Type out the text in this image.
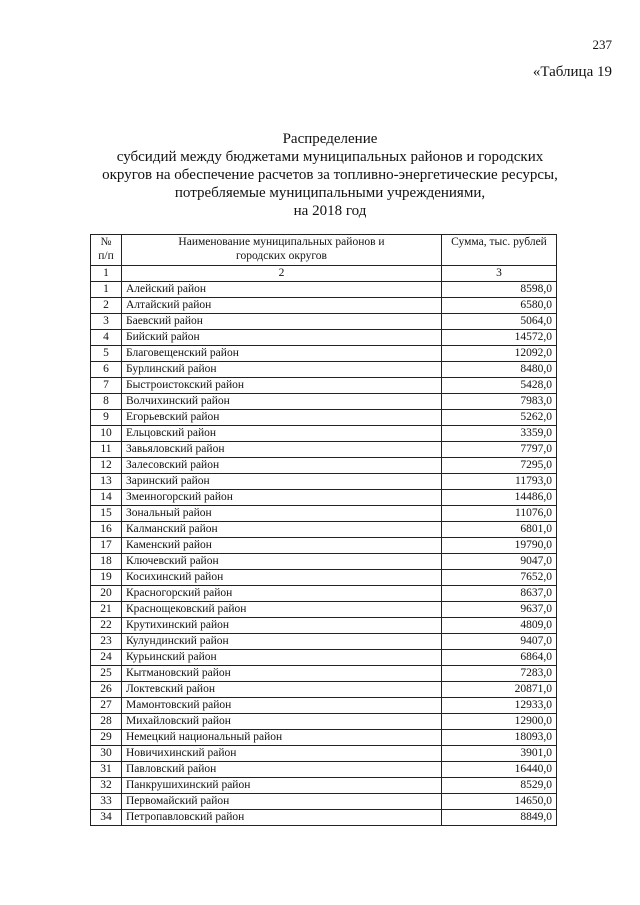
237
«Таблица 19
Распределение
субсидий между бюджетами муниципальных районов и городских
округов на обеспечение расчетов за топливно-энергетические ресурсы,
потребляемые муниципальными учреждениями,
на 2018 год
№ п/п	Наименование муниципальных районов и городских округов	Сумма, тыс. рублей
1	2	3
1	Алейский район	8598,0
2	Алтайский район	6580,0
3	Баевский район	5064,0
4	Бийский район	14572,0
5	Благовещенский район	12092,0
6	Бурлинский район	8480,0
7	Быстроистокский район	5428,0
8	Волчихинский район	7983,0
9	Егорьевский район	5262,0
10	Ельцовский район	3359,0
11	Завьяловский район	7797,0
12	Залесовский район	7295,0
13	Заринский район	11793,0
14	Змеиногорский район	14486,0
15	Зональный район	11076,0
16	Калманский район	6801,0
17	Каменский район	19790,0
18	Ключевский район	9047,0
19	Косихинский район	7652,0
20	Красногорский район	8637,0
21	Краснощековский район	9637,0
22	Крутихинский район	4809,0
23	Кулундинский район	9407,0
24	Курьинский район	6864,0
25	Кытмановский район	7283,0
26	Локтевский район	20871,0
27	Мамонтовский район	12933,0
28	Михайловский район	12900,0
29	Немецкий национальный район	18093,0
30	Новичихинский район	3901,0
31	Павловский район	16440,0
32	Панкрушихинский район	8529,0
33	Первомайский район	14650,0
34	Петропавловский район	8849,0
